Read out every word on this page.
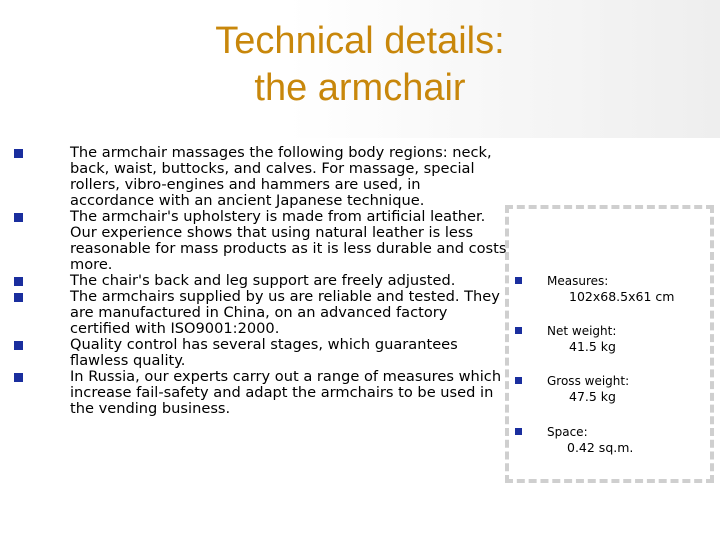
Technical details:
the armchair
The armchair massages the following body regions: neck, back, waist, buttocks, and calves. For massage, special rollers, vibro-engines and hammers are used, in accordance with an ancient Japanese technique.
The armchair's upholstery is made from artificial leather. Our experience shows that using natural leather is less reasonable for mass products as it is less durable and costs more.
The chair's back and leg support are freely adjusted.
The armchairs supplied by us are reliable and tested. They are manufactured in China, on an advanced factory certified with ISO9001:2000.
Quality control has several stages, which guarantees flawless quality.
In Russia, our experts carry out a range of measures which increase fail-safety and adapt the armchairs to be used in the vending business.
Measures:
102x68.5x61 cm
Net weight:
41.5 kg
Gross weight:
47.5 kg
Space:
0.42 sq.m.
